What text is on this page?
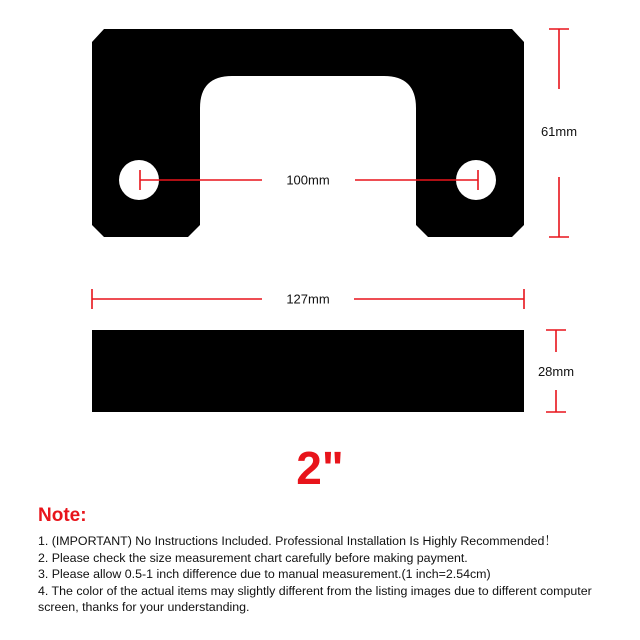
100mm
61mm
127mm
28mm
2"
Note:
1. (IMPORTANT) No Instructions Included. Professional Installation Is Highly Recommended！
2. Please check the size measurement chart carefully before making payment.
3. Please allow 0.5-1 inch difference due to manual measurement.(1 inch=2.54cm)
4. The color of the actual items may slightly different from the listing images due to different computer screen, thanks for your understanding.
